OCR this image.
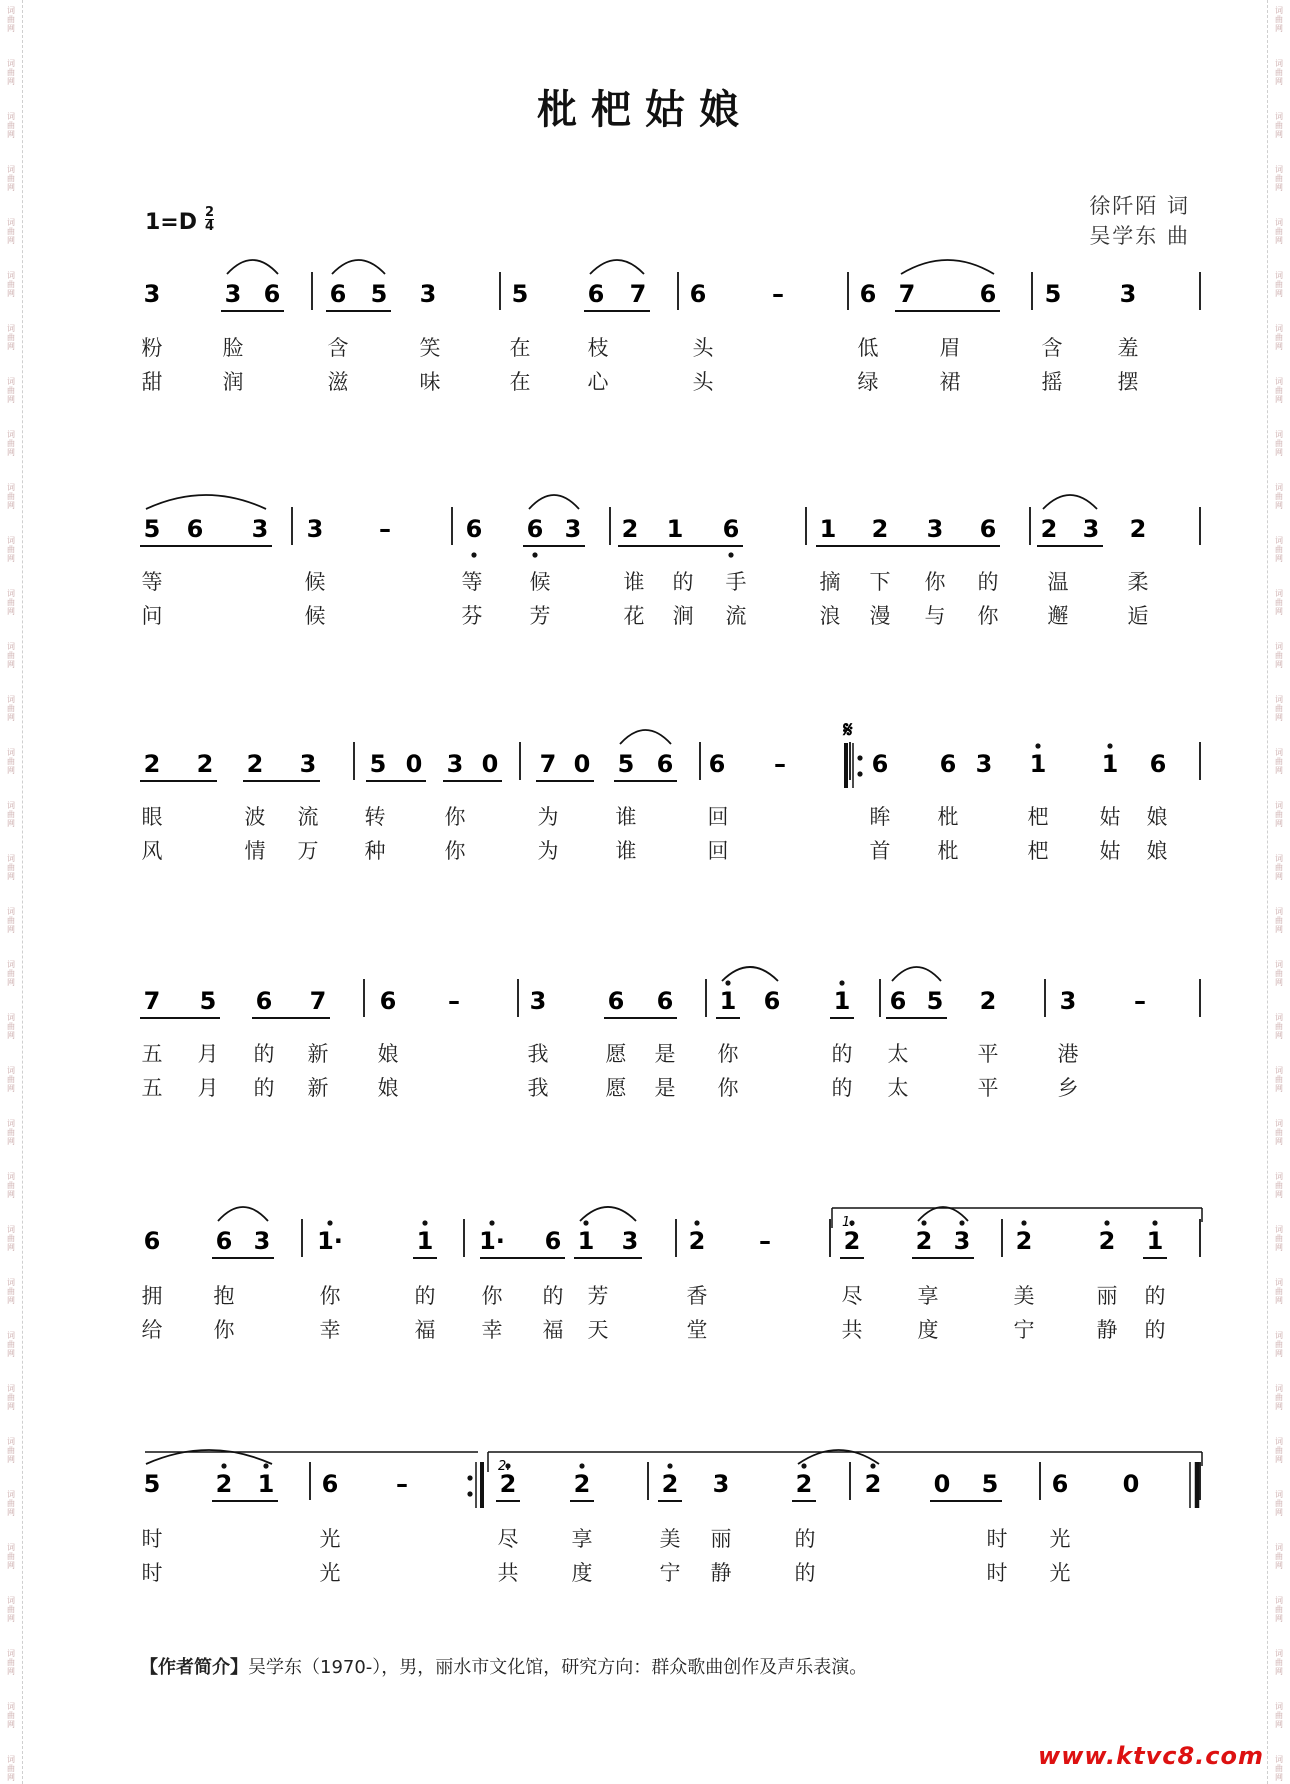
词
曲
网
词
曲
网
词
曲
网
词
曲
网
词
曲
网
词
曲
网
词
曲
网
词
曲
网
词
曲
网
词
曲
网
词
曲
网
词
曲
网
词
曲
网
词
曲
网
词
曲
网
词
曲
网
词
曲
网
词
曲
网
词
曲
网
词
曲
网
词
曲
网
词
曲
网
词
曲
网
词
曲
网
词
曲
网
词
曲
网
词
曲
网
词
曲
网
词
曲
网
词
曲
网
词
曲
网
词
曲
网
词
曲
网
词
曲
网
词
曲
网
词
曲
网
词
曲
网
词
曲
网
词
曲
网
词
曲
网
词
曲
网
词
曲
网
词
曲
网
词
曲
网
词
曲
网
词
曲
网
词
曲
网
词
曲
网
词
曲
网
词
曲
网
词
曲
网
词
曲
网
词
曲
网
词
曲
网
词
曲
网
词
曲
网
词
曲
网
词
曲
网
词
曲
网
词
曲
网
词
曲
网
词
曲
网
词
曲
网
词
曲
网
词
曲
网
词
曲
网
词
曲
网
词
曲
网
枇杷姑娘
徐阡陌 词
吴学东 曲
1=D 2
4
3	3 6 6 5 3	5 6 7 6	–	6 7	6 5 3
粉	脸	含	笑	在	枝	头	低	眉	含	羞
甜	润	滋	味	在	心	头	绿	裙	摇	摆
5 6 3 3 –	6 6 3 2 1 6	1 2 3 6 2 3 2
等	候	等 候	谁 的 手	摘 下 你 的 温	柔
问	候	芬 芳	花 涧 流	浪 漫 与 你 邂	逅
2 2 2 3 5 0 3 0 7 0 5 6 6 –	6 6 3 1 1 6
眼	波 流 转	你	为	谁	回	眸 枇	杷 姑 娘
风	情 万 种	你	为	谁	回	首 枇	杷 姑 娘
7 5 6 7 6 –	3	6 6 1 6 1 6 5 2	3 –
五 月 的 新 娘	我	愿 是 你	的 太	平	港
五 月 的 新 娘	我	愿 是 你	的 太	平	乡
6 6 3 1·	1 1· 6 1 3 2 –	2 2 3 2	2 1
拥 抱	你	的 你 的 芳	香	尽	享	美	丽 的
给 你	幸	福 幸 福 天	堂	共	度	宁	静 的
1.
5 2 1 6 –	2 2	2 3	2 2 0 5 6 0
时	光	尽	享	美 丽	的	时 光
时	光	共	度	宁 静	的	时 光
2.
𝄋
【作者简介】吴学东（1970-），男，丽水市文化馆，研究方向：群众歌曲创作及声乐表演。
www.ktvc8.com
